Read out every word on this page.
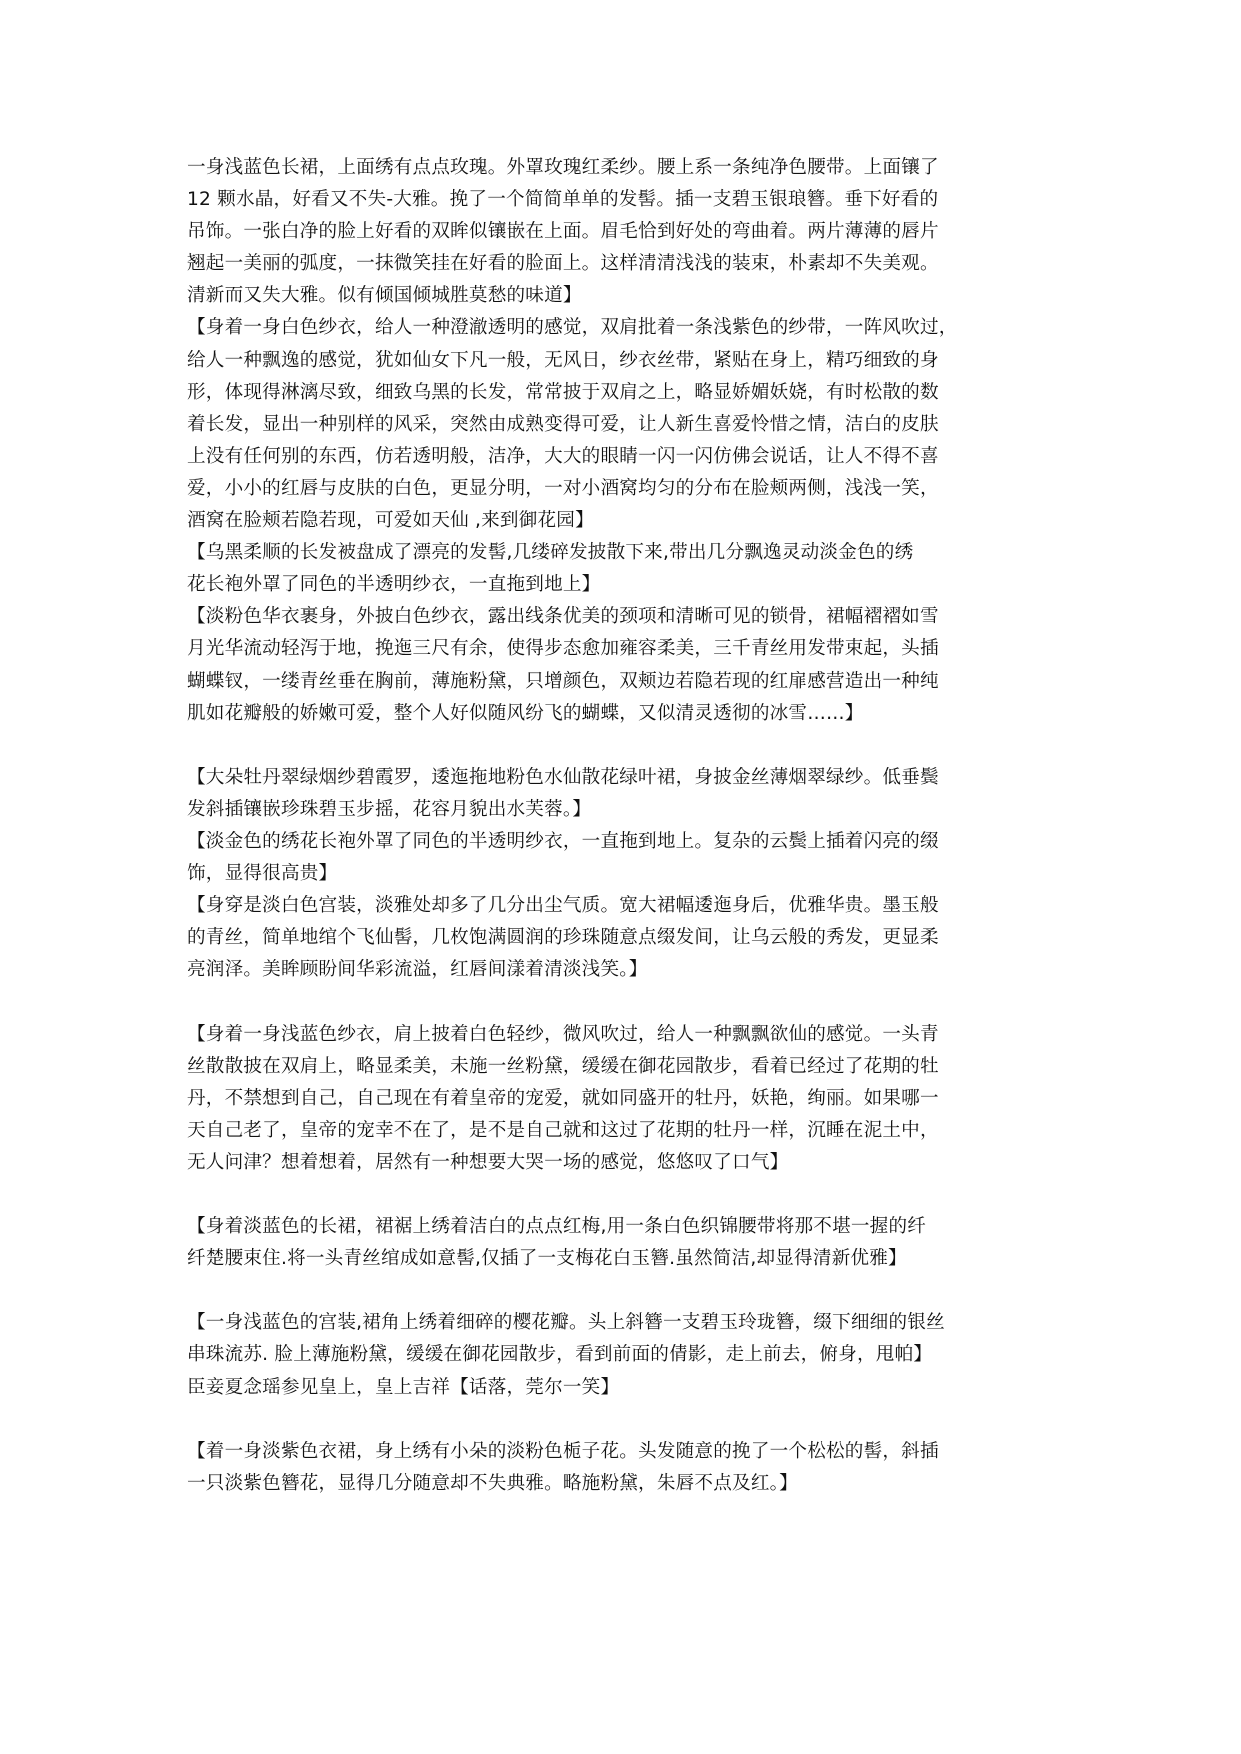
一身浅蓝色长裙，上面绣有点点玫瑰。外罩玫瑰红柔纱。腰上系一条纯净色腰带。上面镶了
12 颗水晶，好看又不失-大雅。挽了一个简简单单的发髻。插一支碧玉银琅簪。垂下好看的
吊饰。一张白净的脸上好看的双眸似镶嵌在上面。眉毛恰到好处的弯曲着。两片薄薄的唇片
翘起一美丽的弧度，一抹微笑挂在好看的脸面上。这样清清浅浅的装束，朴素却不失美观。
清新而又失大雅。似有倾国倾城胜莫愁的味道】
【身着一身白色纱衣，给人一种澄澈透明的感觉，双肩批着一条浅紫色的纱带，一阵风吹过，
给人一种飘逸的感觉，犹如仙女下凡一般，无风日，纱衣丝带，紧贴在身上，精巧细致的身
形，体现得淋漓尽致，细致乌黑的长发，常常披于双肩之上，略显娇媚妖娆，有时松散的数
着长发，显出一种别样的风采，突然由成熟变得可爱，让人新生喜爱怜惜之情，洁白的皮肤
上没有任何别的东西，仿若透明般，洁净，大大的眼睛一闪一闪仿佛会说话，让人不得不喜
爱，小小的红唇与皮肤的白色，更显分明，一对小酒窝均匀的分布在脸颊两侧，浅浅一笑，
酒窝在脸颊若隐若现，可爱如天仙 ,来到御花园】
【乌黑柔顺的长发被盘成了漂亮的发髻,几缕碎发披散下来,带出几分飘逸灵动淡金色的绣
花长袍外罩了同色的半透明纱衣，一直拖到地上】
【淡粉色华衣裹身，外披白色纱衣，露出线条优美的颈项和清晰可见的锁骨，裙幅褶褶如雪
月光华流动轻泻于地，挽迤三尺有余，使得步态愈加雍容柔美，三千青丝用发带束起，头插
蝴蝶钗，一缕青丝垂在胸前，薄施粉黛，只增颜色，双颊边若隐若现的红扉感营造出一种纯
肌如花瓣般的娇嫩可爱，整个人好似随风纷飞的蝴蝶，又似清灵透彻的冰雪……】
【大朵牡丹翠绿烟纱碧霞罗，逶迤拖地粉色水仙散花绿叶裙，身披金丝薄烟翠绿纱。低垂鬓
发斜插镶嵌珍珠碧玉步摇，花容月貌出水芙蓉。】
【淡金色的绣花长袍外罩了同色的半透明纱衣，一直拖到地上。复杂的云鬓上插着闪亮的缀
饰，显得很高贵】
【身穿是淡白色宫装，淡雅处却多了几分出尘气质。宽大裙幅逶迤身后，优雅华贵。墨玉般
的青丝，简单地绾个飞仙髻，几枚饱满圆润的珍珠随意点缀发间，让乌云般的秀发，更显柔
亮润泽。美眸顾盼间华彩流溢，红唇间漾着清淡浅笑。】
【身着一身浅蓝色纱衣，肩上披着白色轻纱，微风吹过，给人一种飘飘欲仙的感觉。一头青
丝散散披在双肩上，略显柔美，未施一丝粉黛，缓缓在御花园散步，看着已经过了花期的牡
丹，不禁想到自己，自己现在有着皇帝的宠爱，就如同盛开的牡丹，妖艳，绚丽。如果哪一
天自己老了，皇帝的宠幸不在了，是不是自己就和这过了花期的牡丹一样，沉睡在泥土中，
无人问津？想着想着，居然有一种想要大哭一场的感觉，悠悠叹了口气】
【身着淡蓝色的长裙，裙裾上绣着洁白的点点红梅,用一条白色织锦腰带将那不堪一握的纤
纤楚腰束住.将一头青丝绾成如意髻,仅插了一支梅花白玉簪.虽然简洁,却显得清新优雅】
【一身浅蓝色的宫装,裙角上绣着细碎的樱花瓣。头上斜簪一支碧玉玲珑簪，缀下细细的银丝
串珠流苏. 脸上薄施粉黛，缓缓在御花园散步，看到前面的倩影，走上前去，俯身，甩帕】
臣妾夏念瑶参见皇上，皇上吉祥【话落，莞尔一笑】
【着一身淡紫色衣裙，身上绣有小朵的淡粉色栀子花。头发随意的挽了一个松松的髻，斜插
一只淡紫色簪花，显得几分随意却不失典雅。略施粉黛，朱唇不点及红。】
